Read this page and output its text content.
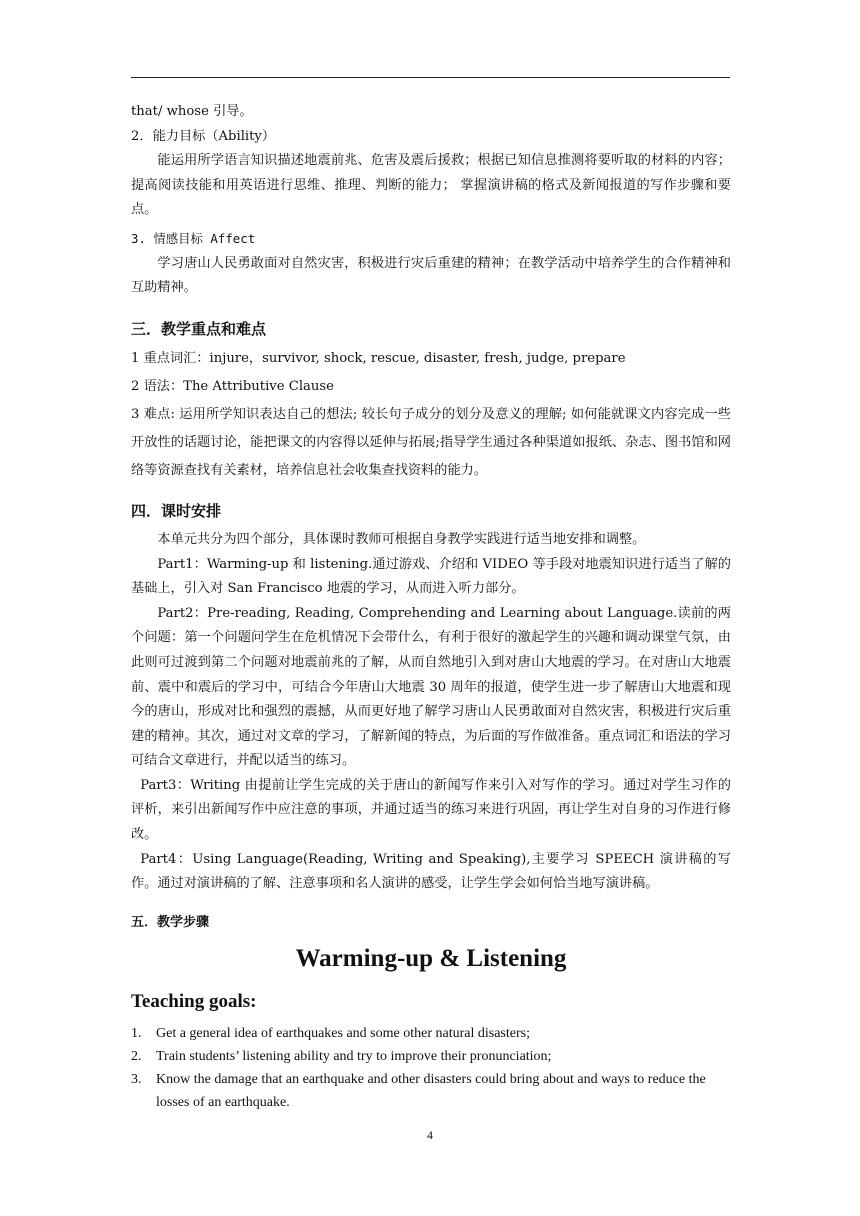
that/ whose 引导。

2．能力目标（Ability）

能运用所学语言知识描述地震前兆、危害及震后援救；根据已知信息推测将要听取的材料的内容；提高阅读技能和用英语进行思维、推理、判断的能力； 掌握演讲稿的格式及新闻报道的写作步骤和要点。

3. 情感目标 Affect

学习唐山人民勇敢面对自然灾害，积极进行灾后重建的精神；在教学活动中培养学生的合作精神和互助精神。

三．教学重点和难点

1 重点词汇：injure，survivor, shock, rescue, disaster, fresh, judge, prepare

2 语法：The Attributive Clause

3 难点: 运用所学知识表达自己的想法; 较长句子成分的划分及意义的理解; 如何能就课文内容完成一些开放性的话题讨论，能把课文的内容得以延伸与拓展;指导学生通过各种渠道如报纸、杂志、图书馆和网络等资源查找有关素材，培养信息社会收集查找资料的能力。

四．课时安排

本单元共分为四个部分，具体课时教师可根据自身教学实践进行适当地安排和调整。

Part1：Warming-up 和 listening.通过游戏、介绍和 VIDEO 等手段对地震知识进行适当了解的基础上，引入对 San Francisco 地震的学习，从而进入听力部分。

Part2：Pre-reading, Reading, Comprehending and Learning about Language.读前的两个问题：第一个问题问学生在危机情况下会带什么，有利于很好的激起学生的兴趣和调动课堂气氛，由此则可过渡到第二个问题对地震前兆的了解，从而自然地引入到对唐山大地震的学习。在对唐山大地震前、震中和震后的学习中，可结合今年唐山大地震 30 周年的报道，使学生进一步了解唐山大地震和现今的唐山，形成对比和强烈的震撼，从而更好地了解学习唐山人民勇敢面对自然灾害，积极进行灾后重建的精神。其次，通过对文章的学习，了解新闻的特点，为后面的写作做准备。重点词汇和语法的学习可结合文章进行，并配以适当的练习。

Part3：Writing 由提前让学生完成的关于唐山的新闻写作来引入对写作的学习。通过对学生习作的评析，来引出新闻写作中应注意的事项，并通过适当的练习来进行巩固，再让学生对自身的习作进行修改。

Part4：Using Language(Reading, Writing and Speaking),主要学习 SPEECH 演讲稿的写作。通过对演讲稿的了解、注意事项和名人演讲的感受，让学生学会如何恰当地写演讲稿。

五．教学步骤
Warming-up & Listening
Teaching goals:
1. Get a general idea of earthquakes and some other natural disasters;
2. Train students’ listening ability and try to improve their pronunciation;
3. Know the damage that an earthquake and other disasters could bring about and ways to reduce the losses of an earthquake.
4
